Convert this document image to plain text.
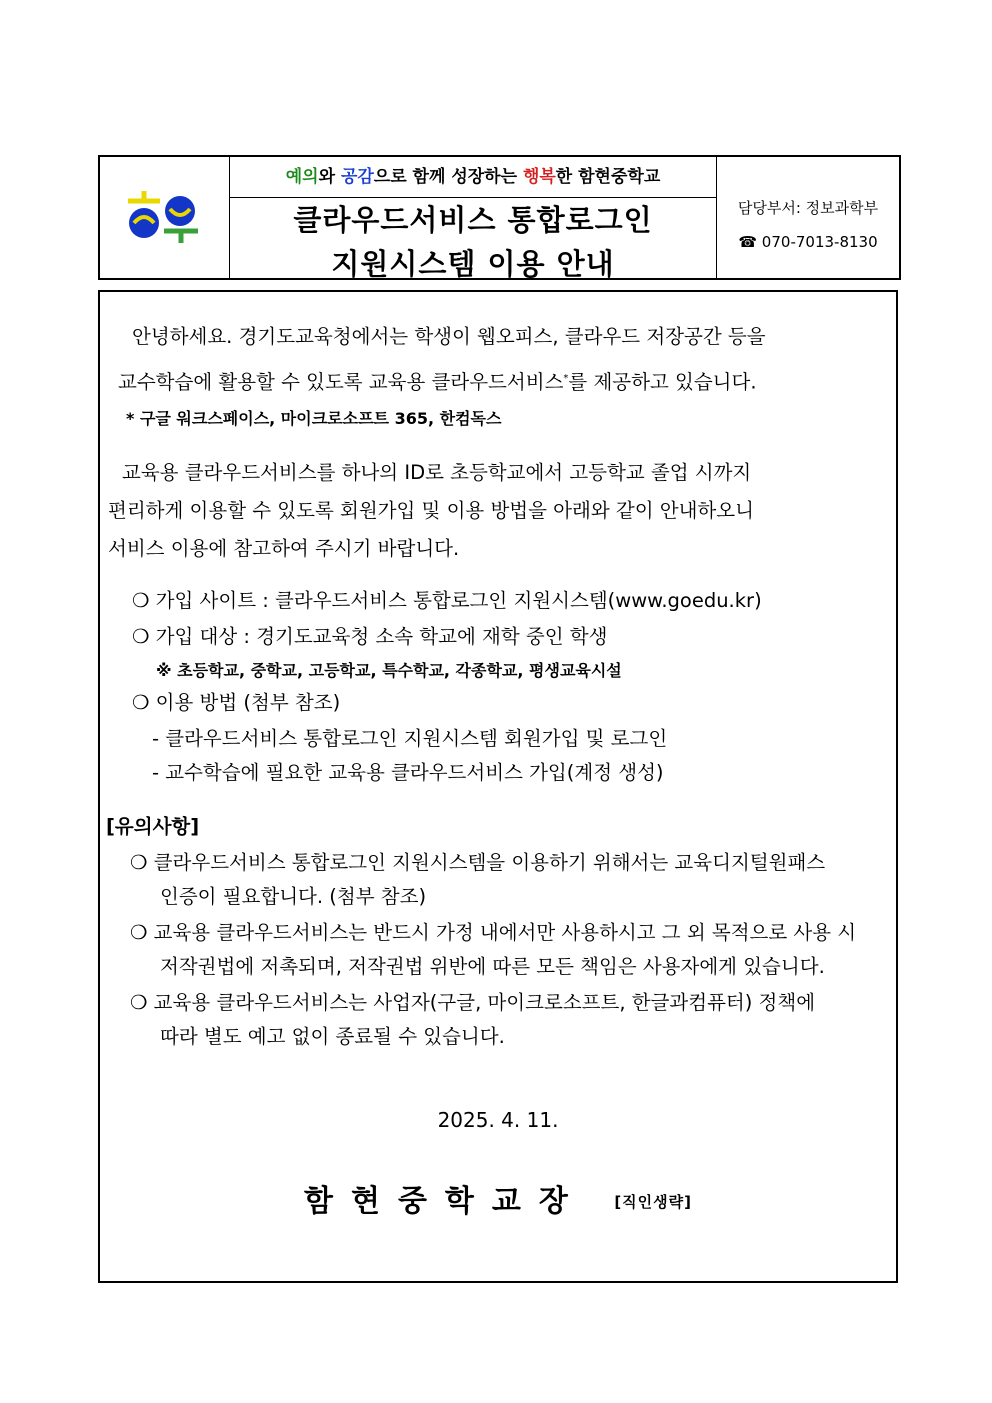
예의와 공감으로 함께 성장하는 행복한 함현중학교
클라우드서비스 통합로그인
지원시스템 이용 안내
담당부서: 정보과학부
☎ 070-7013-8130
안녕하세요. 경기도교육청에서는 학생이 웹오피스, 클라우드 저장공간 등을
교수학습에 활용할 수 있도록 교육용 클라우드서비스*를 제공하고 있습니다.
* 구글 워크스페이스, 마이크로소프트 365, 한컴독스
교육용 클라우드서비스를 하나의 ID로 초등학교에서 고등학교 졸업 시까지
편리하게 이용할 수 있도록 회원가입 및 이용 방법을 아래와 같이 안내하오니
서비스 이용에 참고하여 주시기 바랍니다.
❍ 가입 사이트 : 클라우드서비스 통합로그인 지원시스템(www.goedu.kr)
❍ 가입 대상 : 경기도교육청 소속 학교에 재학 중인 학생
※ 초등학교, 중학교, 고등학교, 특수학교, 각종학교, 평생교육시설
❍ 이용 방법 (첨부 참조)
- 클라우드서비스 통합로그인 지원시스템 회원가입 및 로그인
- 교수학습에 필요한 교육용 클라우드서비스 가입(계정 생성)
[유의사항]
❍ 클라우드서비스 통합로그인 지원시스템을 이용하기 위해서는 교육디지털원패스
인증이 필요합니다. (첨부 참조)
❍ 교육용 클라우드서비스는 반드시 가정 내에서만 사용하시고 그 외 목적으로 사용 시
저작권법에 저촉되며, 저작권법 위반에 따른 모든 책임은 사용자에게 있습니다.
❍ 교육용 클라우드서비스는 사업자(구글, 마이크로소프트, 한글과컴퓨터) 정책에
따라 별도 예고 없이 종료될 수 있습니다.
2025. 4. 11.
함현중학교장 [직인생략]
